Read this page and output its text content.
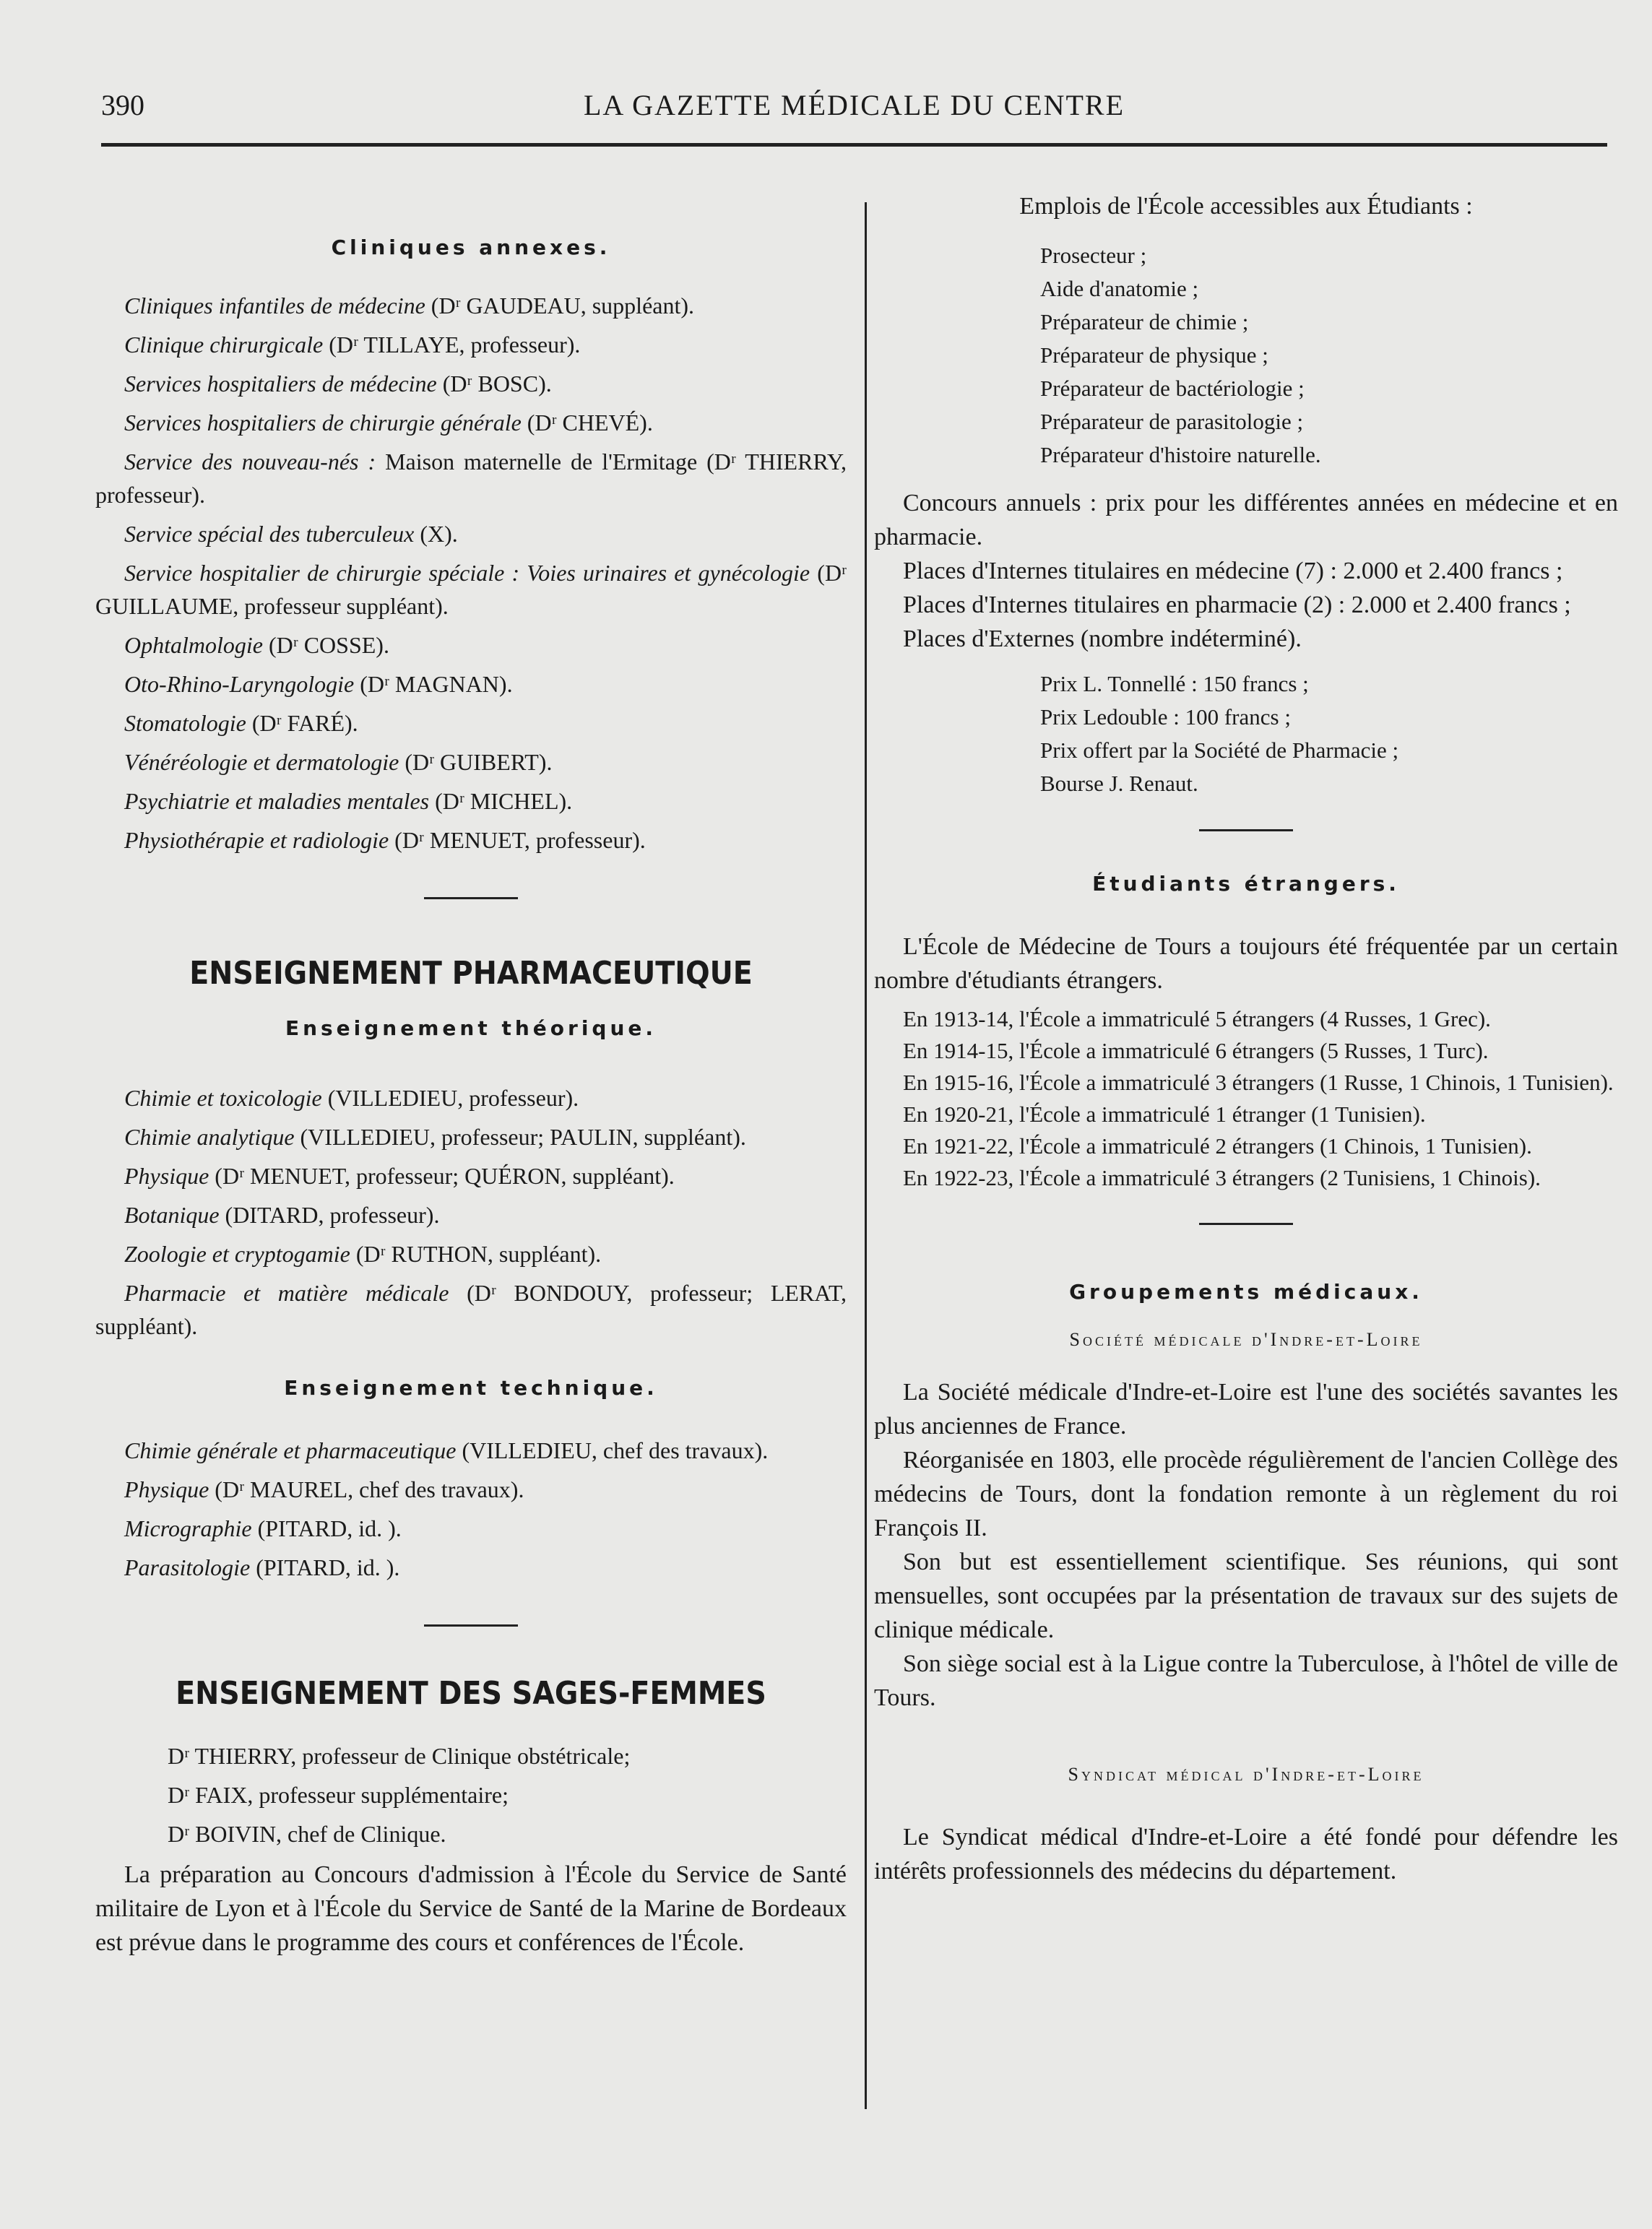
390	LA GAZETTE MÉDICALE DU CENTRE
Cliniques annexes.

Cliniques infantiles de médecine (Dʳ GAUDEAU, suppléant).

Clinique chirurgicale (Dʳ TILLAYE, professeur).

Services hospitaliers de médecine (Dʳ BOSC).

Services hospitaliers de chirurgie générale (Dʳ CHEVÉ).

Service des nouveau-nés : Maison maternelle de l'Ermitage (Dʳ THIERRY, professeur).

Service spécial des tuberculeux (X).

Service hospitalier de chirurgie spéciale : Voies urinaires et gynécologie (Dʳ GUILLAUME, professeur suppléant).

Ophtalmologie (Dʳ COSSE).

Oto-Rhino-Laryngologie (Dʳ MAGNAN).

Stomatologie (Dʳ FARÉ).

Vénéréologie et dermatologie (Dʳ GUIBERT).

Psychiatrie et maladies mentales (Dʳ MICHEL).

Physiothérapie et radiologie (Dʳ MENUET, professeur).

ENSEIGNEMENT PHARMACEUTIQUE
Enseignement théorique.

Chimie et toxicologie (VILLEDIEU, professeur).

Chimie analytique (VILLEDIEU, professeur; PAULIN, suppléant).

Physique (Dʳ MENUET, professeur; QUÉRON, suppléant).

Botanique (DITARD, professeur).

Zoologie et cryptogamie (Dʳ RUTHON, suppléant).

Pharmacie et matière médicale (Dʳ BONDOUY, professeur; LERAT, suppléant).

Enseignement technique.

Chimie générale et pharmaceutique (VILLEDIEU, chef des travaux).

Physique (Dʳ MAUREL, chef des travaux).

Micrographie (PITARD, id. ).

Parasitologie (PITARD, id. ).

ENSEIGNEMENT DES SAGES-FEMMES

Dʳ THIERRY, professeur de Clinique obstétricale;

Dʳ FAIX, professeur supplémentaire;

Dʳ BOIVIN, chef de Clinique.

La préparation au Concours d'admission à l'École du Service de Santé militaire de Lyon et à l'École du Service de Santé de la Marine de Bordeaux est prévue dans le programme des cours et conférences de l'École.

Emplois de l'École accessibles aux Étudiants :

Prosecteur ;

Aide d'anatomie ;

Préparateur de chimie ;

Préparateur de physique ;

Préparateur de bactériologie ;

Préparateur de parasitologie ;

Préparateur d'histoire naturelle.

Concours annuels : prix pour les différentes années en médecine et en pharmacie.

Places d'Internes titulaires en médecine (7) : 2.000 et 2.400 francs ;

Places d'Internes titulaires en pharmacie (2) : 2.000 et 2.400 francs ;

Places d'Externes (nombre indéterminé).

Prix L. Tonnellé : 150 francs ;

Prix Ledouble : 100 francs ;

Prix offert par la Société de Pharmacie ;

Bourse J. Renaut.

Étudiants étrangers.

L'École de Médecine de Tours a toujours été fréquentée par un certain nombre d'étudiants étrangers.

En 1913-14, l'École a immatriculé 5 étrangers (4 Russes, 1 Grec).

En 1914-15, l'École a immatriculé 6 étrangers (5 Russes, 1 Turc).

En 1915-16, l'École a immatriculé 3 étrangers (1 Russe, 1 Chinois, 1 Tunisien).

En 1920-21, l'École a immatriculé 1 étranger (1 Tunisien).

En 1921-22, l'École a immatriculé 2 étrangers (1 Chinois, 1 Tunisien).

En 1922-23, l'École a immatriculé 3 étrangers (2 Tunisiens, 1 Chinois).

Groupements médicaux.
Société médicale d'Indre-et-Loire

La Société médicale d'Indre-et-Loire est l'une des sociétés savantes les plus anciennes de France.

Réorganisée en 1803, elle procède régulièrement de l'ancien Collège des médecins de Tours, dont la fondation remonte à un règlement du roi François II.

Son but est essentiellement scientifique. Ses réunions, qui sont mensuelles, sont occupées par la présentation de travaux sur des sujets de clinique médicale.

Son siège social est à la Ligue contre la Tuberculose, à l'hôtel de ville de Tours.

Syndicat médical d'Indre-et-Loire

Le Syndicat médical d'Indre-et-Loire a été fondé pour défendre les intérêts professionnels des médecins du département.
